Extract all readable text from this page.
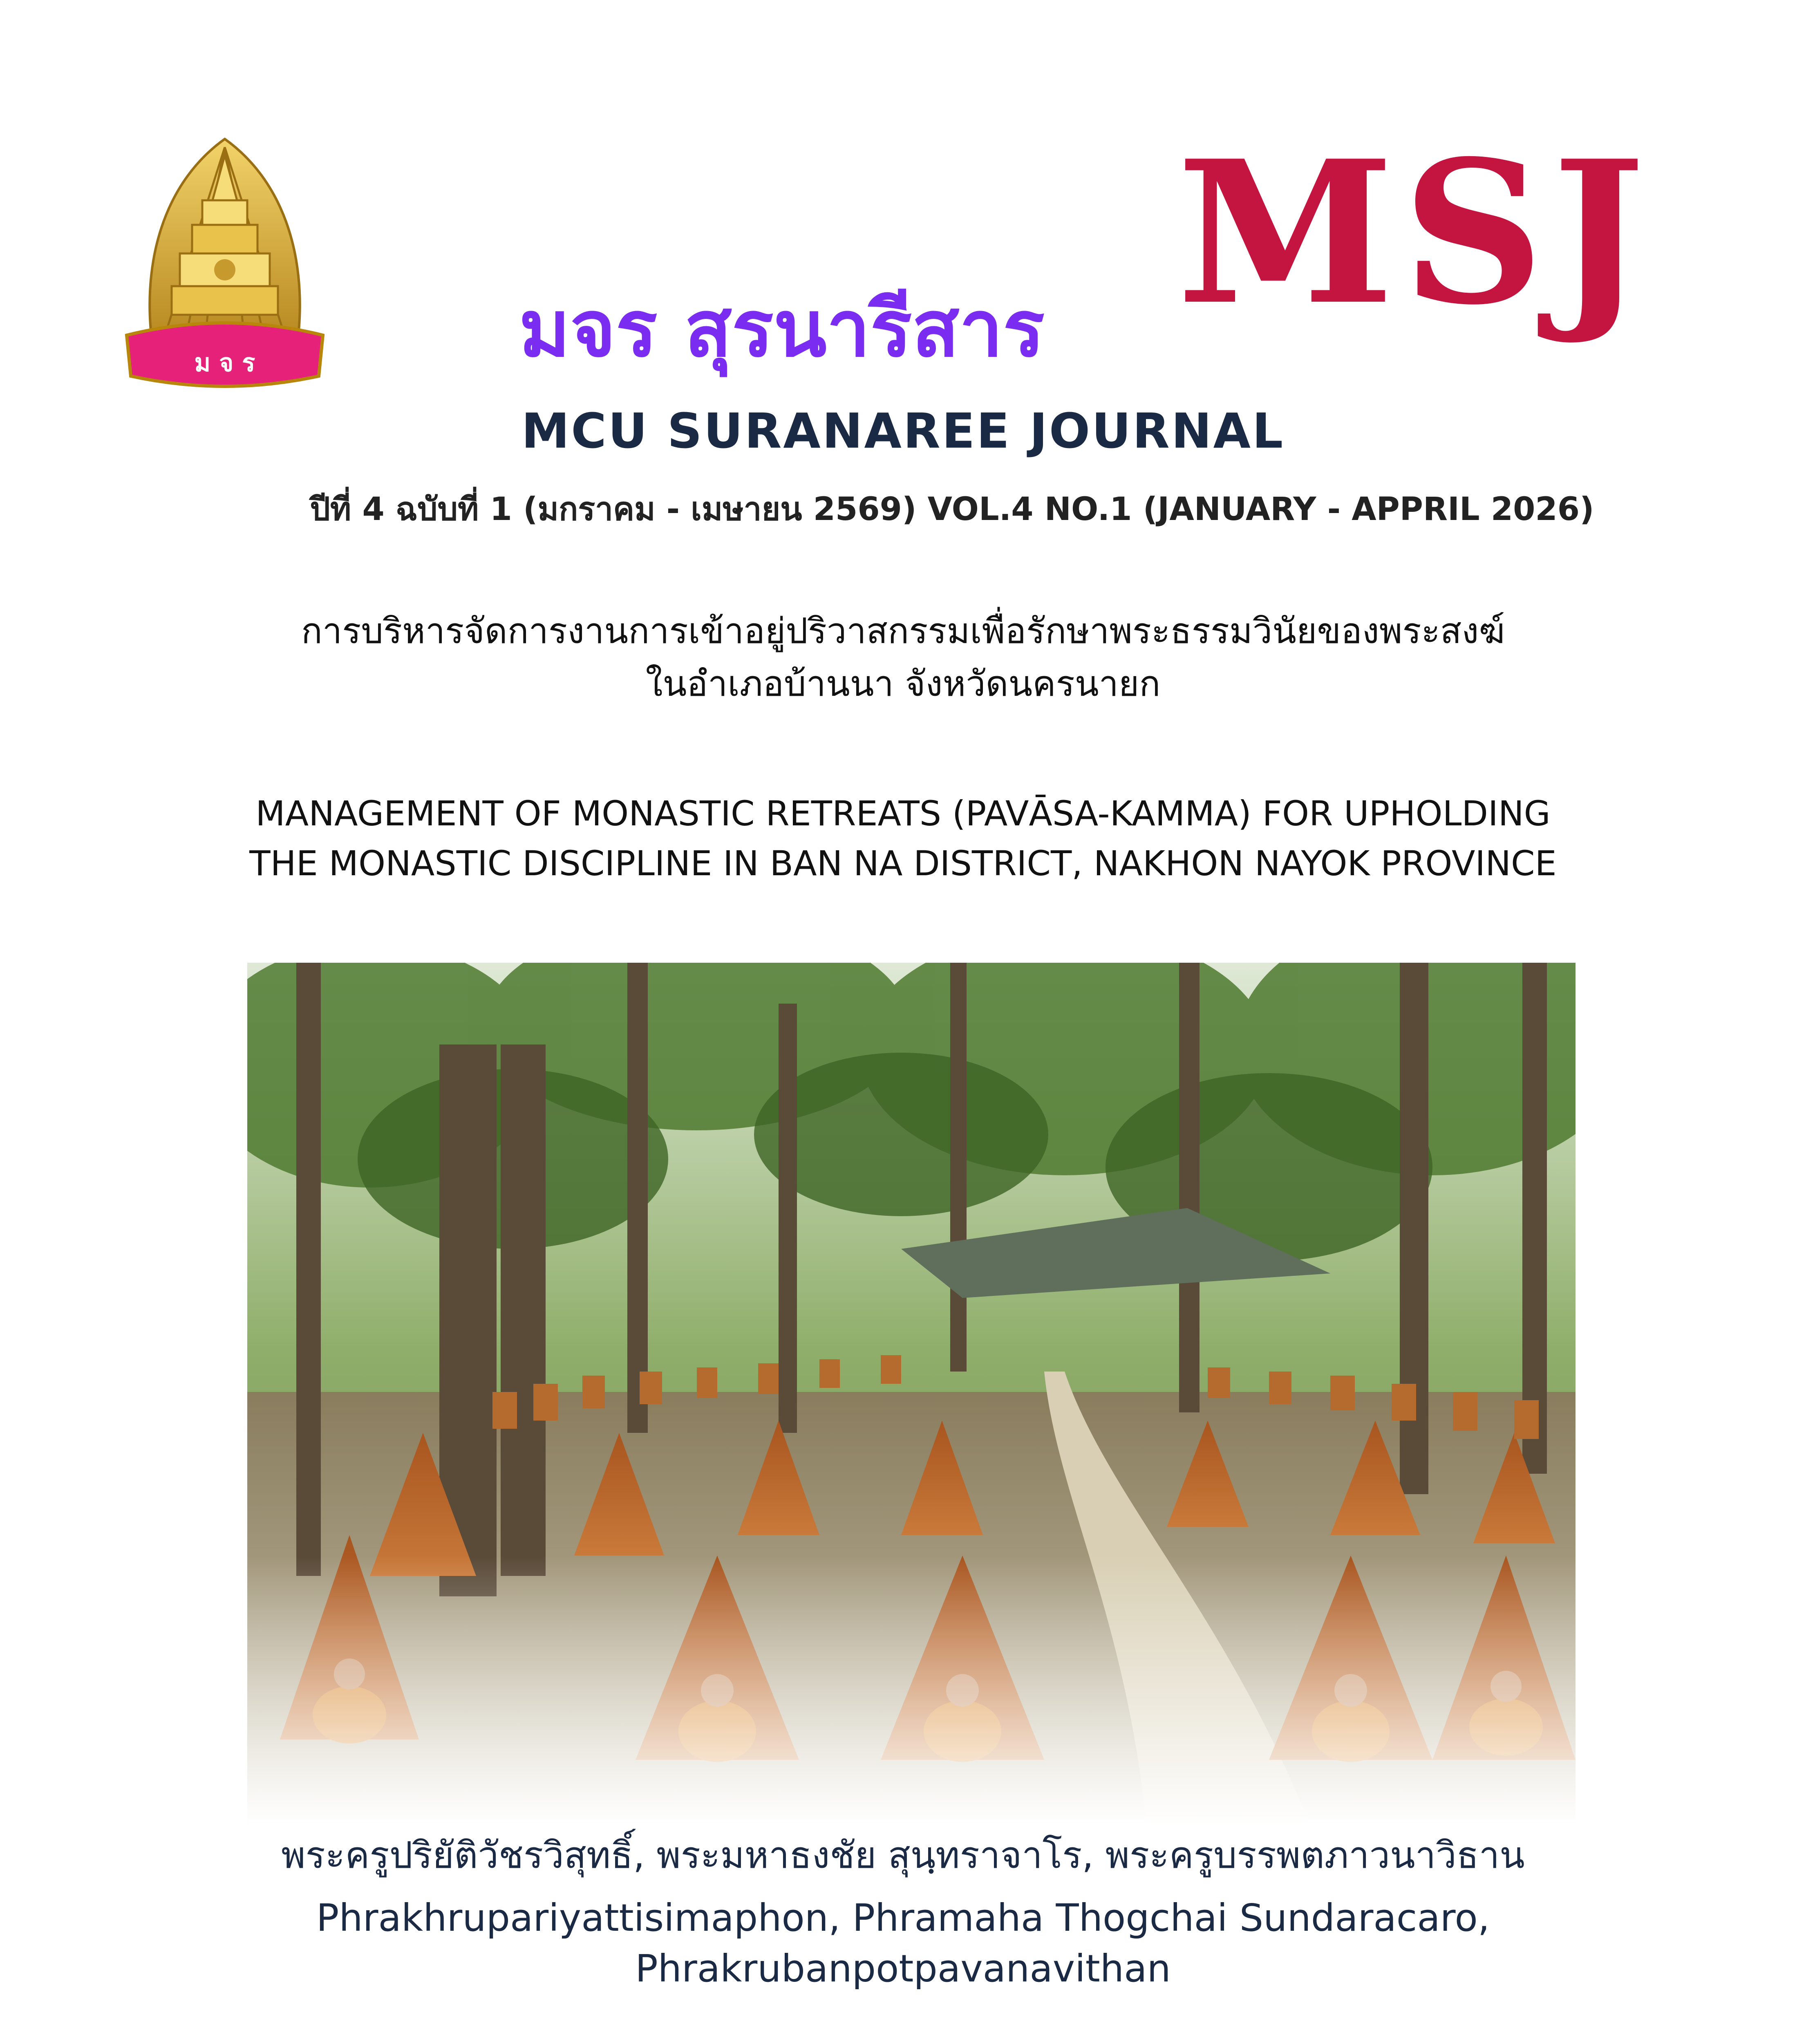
ม จ ร
MSJ
มจร สุรนารีสาร
MCU SURANAREE JOURNAL
ปีที่ 4 ฉบับที่ 1 (มกราคม - เมษายน 2569) VOL.4 NO.1 (JANUARY - APPRIL 2026)
การบริหารจัดการงานการเข้าอยู่ปริวาสกรรมเพื่อรักษาพระธรรมวินัยของพระสงฆ์
ในอำเภอบ้านนา จังหวัดนครนายก
MANAGEMENT OF MONASTIC RETREATS (PAVĀSA-KAMMA) FOR UPHOLDING
THE MONASTIC DISCIPLINE IN BAN NA DISTRICT, NAKHON NAYOK PROVINCE
พระครูปริยัติวัชรวิสุทธิ์, พระมหาธงชัย สุนฺทราจาโร, พระครูบรรพตภาวนาวิธาน
Phrakhrupariyattisimaphon, Phramaha Thogchai Sundaracaro,
Phrakrubanpotpavanavithan
